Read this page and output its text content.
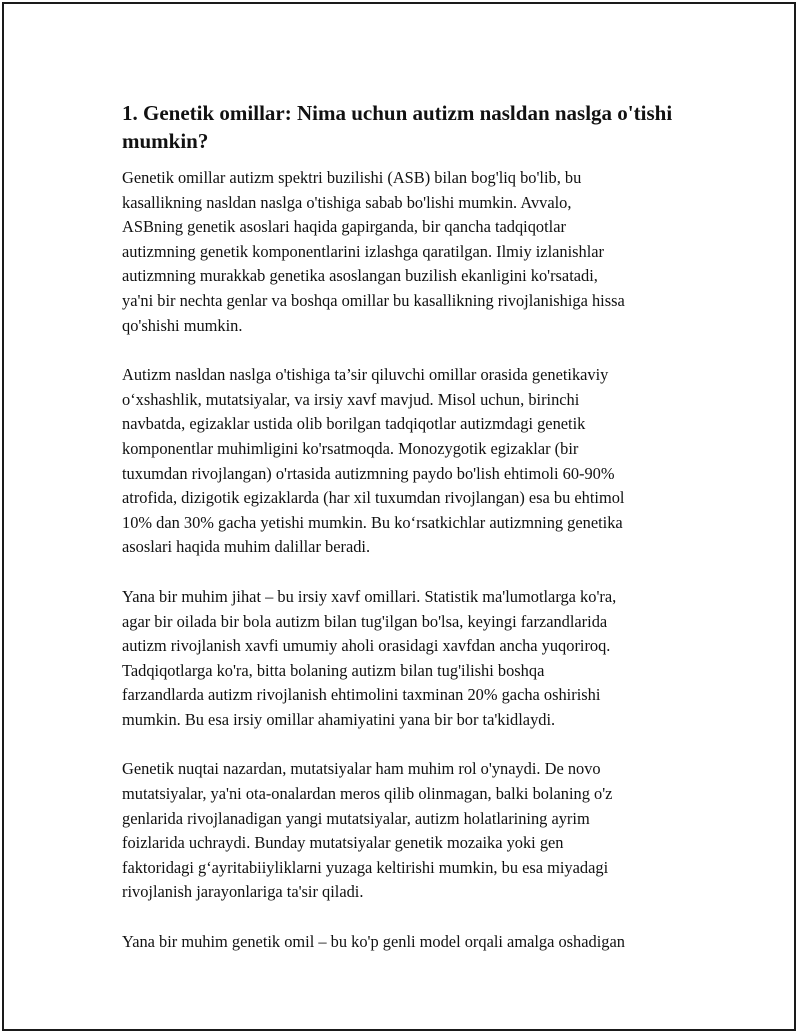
1. Genetik omillar: Nima uchun autizm nasldan naslga o'tishi
mumkin?

Genetik omillar autizm spektri buzilishi (ASB) bilan bog'liq bo'lib, bu
kasallikning nasldan naslga o'tishiga sabab bo'lishi mumkin. Avvalo,
ASBning genetik asoslari haqida gapirganda, bir qancha tadqiqotlar
autizmning genetik komponentlarini izlashga qaratilgan. Ilmiy izlanishlar
autizmning murakkab genetika asoslangan buzilish ekanligini ko'rsatadi,
ya'ni bir nechta genlar va boshqa omillar bu kasallikning rivojlanishiga hissa
qo'shishi mumkin.

Autizm nasldan naslga o'tishiga ta’sir qiluvchi omillar orasida genetikaviy
o‘xshashlik, mutatsiyalar, va irsiy xavf mavjud. Misol uchun, birinchi
navbatda, egizaklar ustida olib borilgan tadqiqotlar autizmdagi genetik
komponentlar muhimligini ko'rsatmoqda. Monozygotik egizaklar (bir
tuxumdan rivojlangan) o'rtasida autizmning paydo bo'lish ehtimoli 60-90%
atrofida, dizigotik egizaklarda (har xil tuxumdan rivojlangan) esa bu ehtimol
10% dan 30% gacha yetishi mumkin. Bu ko‘rsatkichlar autizmning genetika
asoslari haqida muhim dalillar beradi.

Yana bir muhim jihat – bu irsiy xavf omillari. Statistik ma'lumotlarga ko'ra,
agar bir oilada bir bola autizm bilan tug'ilgan bo'lsa, keyingi farzandlarida
autizm rivojlanish xavfi umumiy aholi orasidagi xavfdan ancha yuqoriroq.
Tadqiqotlarga ko'ra, bitta bolaning autizm bilan tug'ilishi boshqa
farzandlarda autizm rivojlanish ehtimolini taxminan 20% gacha oshirishi
mumkin. Bu esa irsiy omillar ahamiyatini yana bir bor ta'kidlaydi.

Genetik nuqtai nazardan, mutatsiyalar ham muhim rol o'ynaydi. De novo
mutatsiyalar, ya'ni ota-onalardan meros qilib olinmagan, balki bolaning o'z
genlarida rivojlanadigan yangi mutatsiyalar, autizm holatlarining ayrim
foizlarida uchraydi. Bunday mutatsiyalar genetik mozaika yoki gen
faktoridagi g‘ayritabiiyliklarni yuzaga keltirishi mumkin, bu esa miyadagi
rivojlanish jarayonlariga ta'sir qiladi.

Yana bir muhim genetik omil – bu ko'p genli model orqali amalga oshadigan
